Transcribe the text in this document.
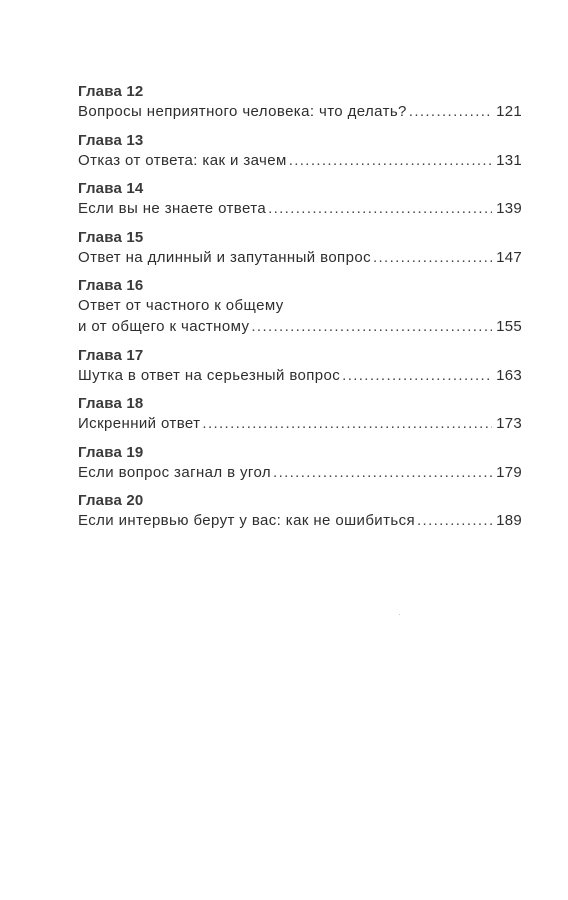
Глава 12
Вопросы неприятного человека: что делать? . . .	121
Глава 13
Отказ от ответа: как и зачем . . .	131
Глава 14
Если вы не знаете ответа . . .	139
Глава 15
Ответ на длинный и запутанный вопрос . . .	147
Глава 16
Ответ от частного к общему
и от общего к частному . . .	155
Глава 17
Шутка в ответ на серьезный вопрос . . .	163
Глава 18
Искренний ответ . . .	173
Глава 19
Если вопрос загнал в угол . . .	179
Глава 20
Если интервью берут у вас: как не ошибиться . . .	189
